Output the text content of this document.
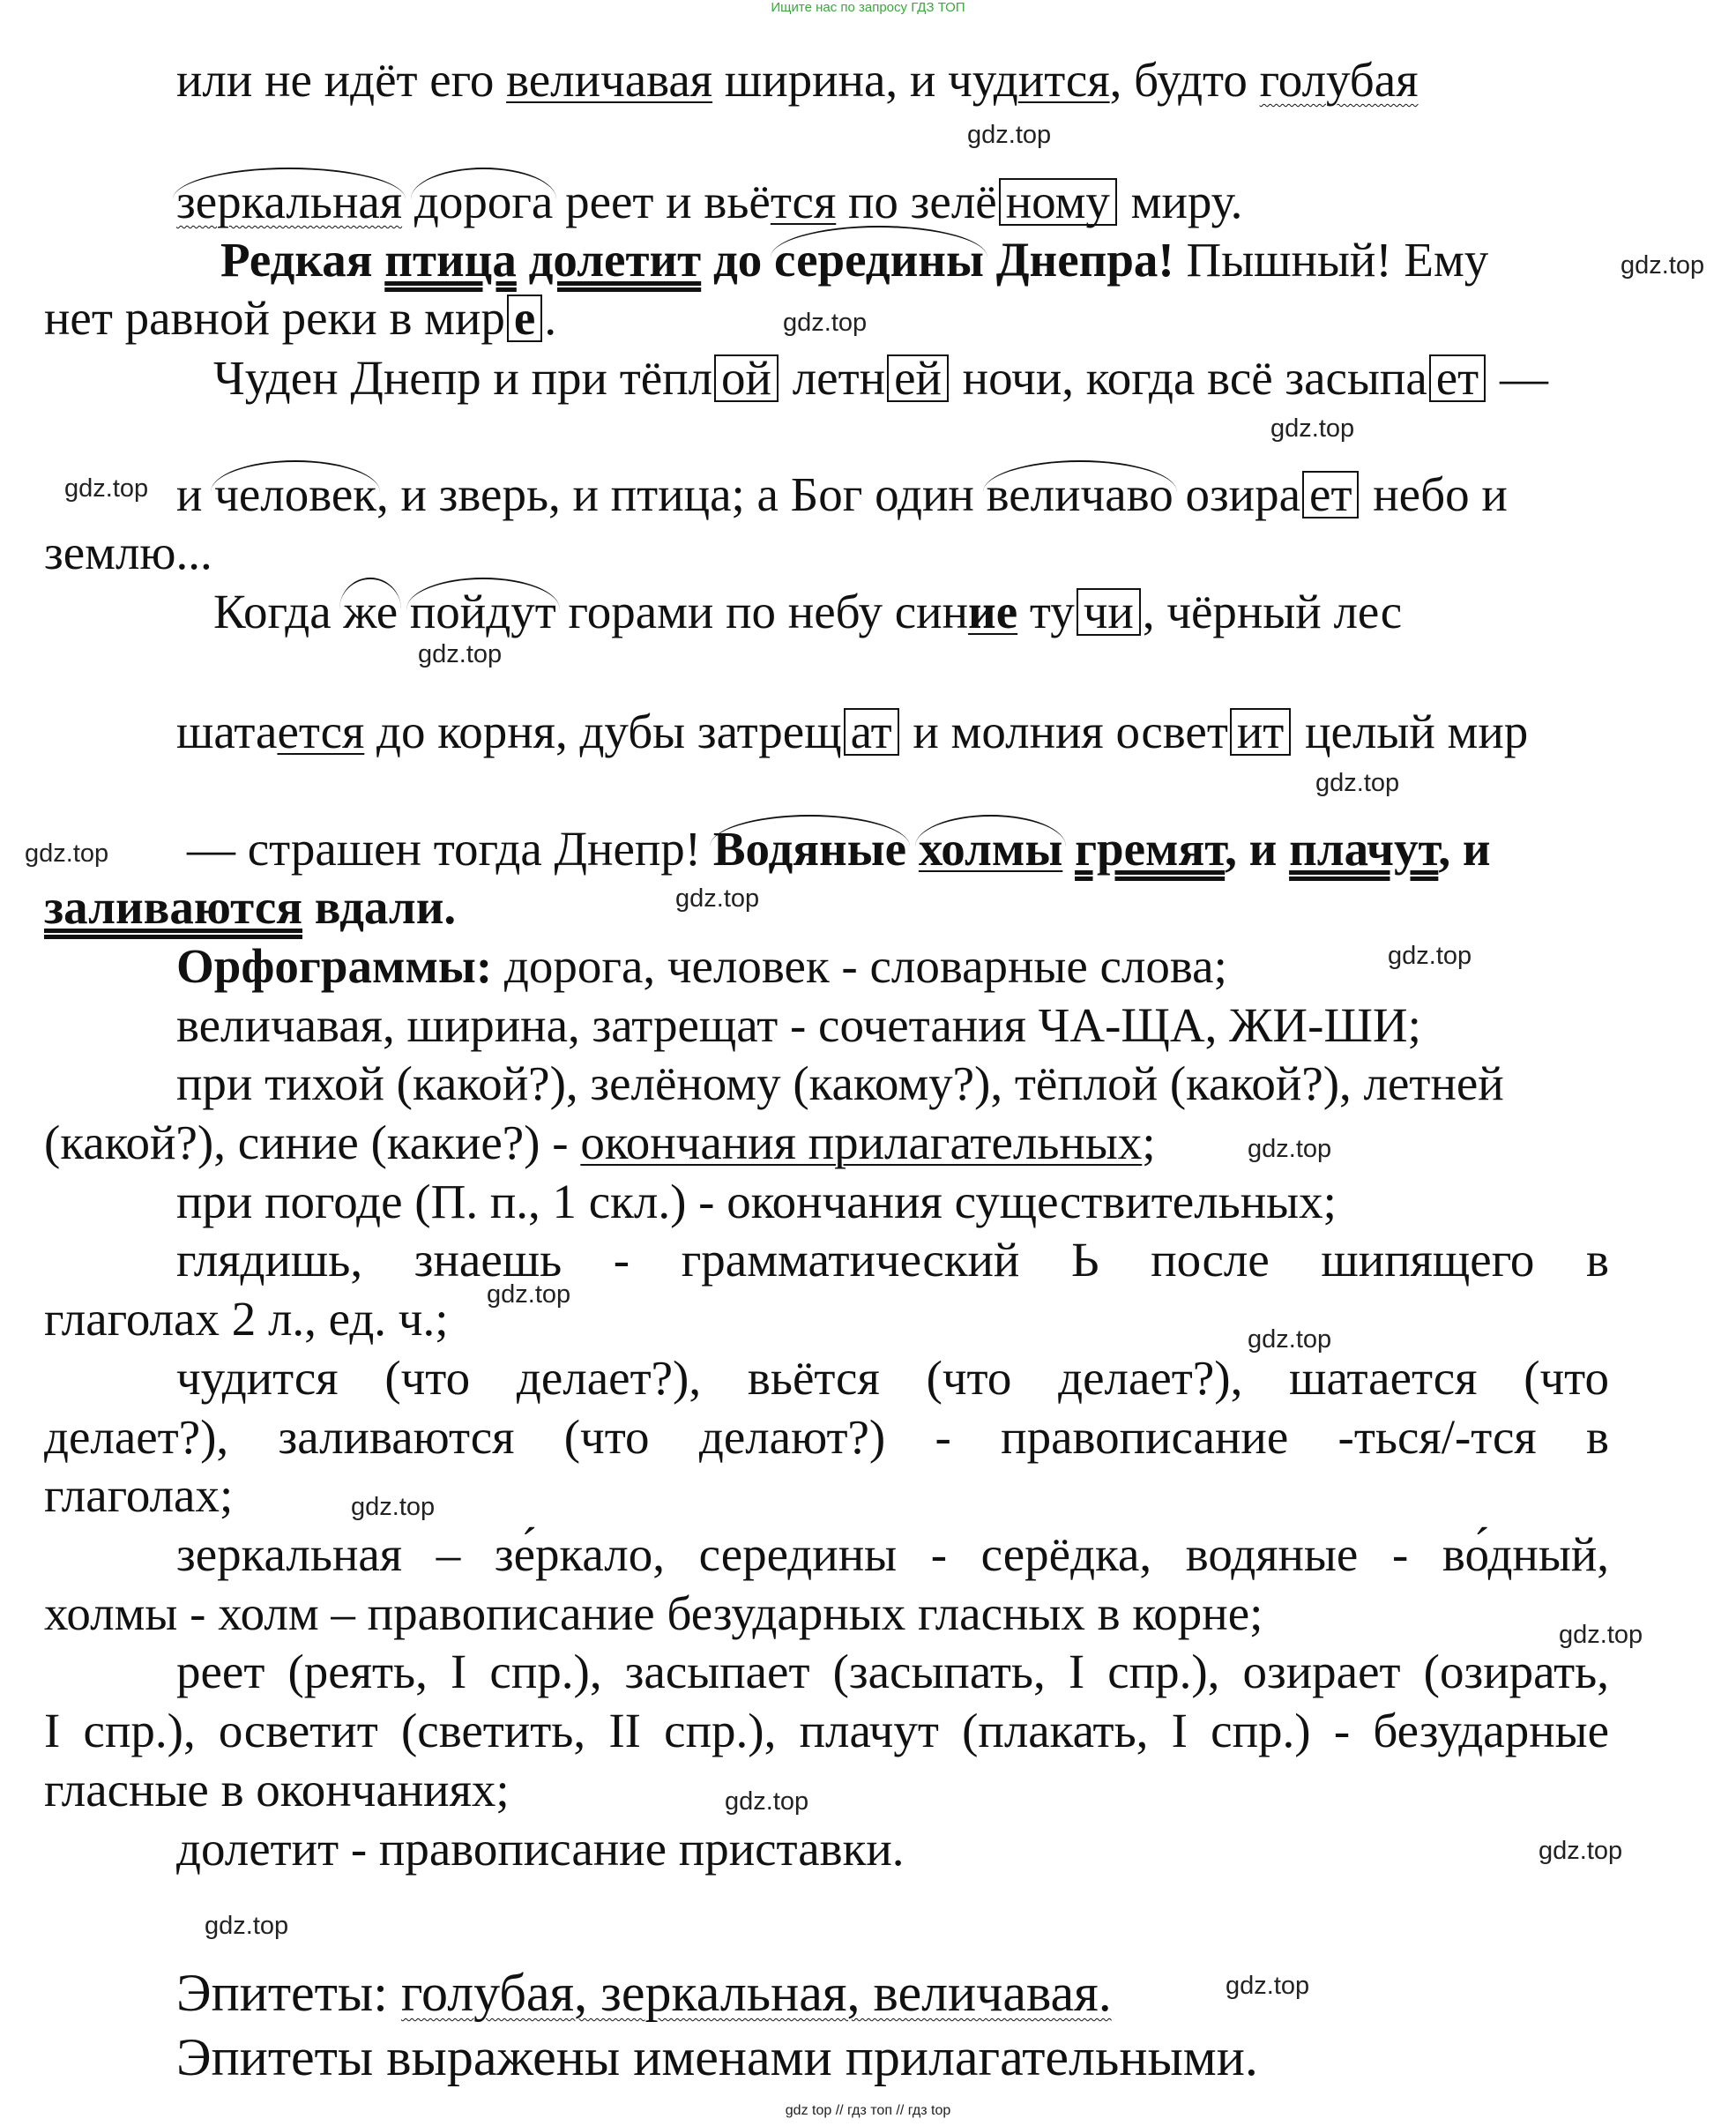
Ищите нас по запросу ГДЗ ТОП
или не идёт его величавая ширина, и чудится, будто голубая
gdz.top
зеркальная дорога реет и вьётся по зелё ному миру.
Редкая птица долетит до середины Днепра! Пышный! Ему	gdz.top
нет равной реки в мир е .	gdz.top
Чуден Днепр и при тёпл ой летн ей ночи, когда всё засыпа ет —
gdz.top
gdz.top и человек, и зверь, и птица; а Бог один величаво озира ет небо и
землю...
Когда же пойдут горами по небу синие ту чи , чёрный лес
gdz.top
шатается до корня, дубы затрещ ат и молния освет ит целый мир
gdz.top
gdz.top — страшен тогда Днепр! Водяные холмы гремят, и плачут, и
заливаются вдали.	gdz.top
Орфограммы: дорога, человек - словарные слова;	gdz.top
величавая, ширина, затрещат - сочетания ЧА-ЩА, ЖИ-ШИ;
при тихой (какой?), зелёному (какому?), тёплой (какой?), летней
(какой?), синие (какие?) - окончания прилагательных;	gdz.top
при погоде (П. п., 1 скл.) - окончания существительных;
глядишь, знаешь - грамматический Ь после шипящего в
глаголах 2 л., ед. ч.; gdz.top
gdz.top
чудится (что делает?), вьётся (что делает?), шатается (что
делает?), заливаются (что делают?) - правописание -ться/-тся в
глаголах;	gdz.top
зеркальная – зе́ркало, середины - серёдка, водяные - во́дный,
холмы - холм – правописание безударных гласных в корне;	gdz.top
реет (реять, I спр.), засыпает (засыпать, I спр.), озирает (озирать,
I спр.), осветит (светить, II спр.), плачут (плакать, I спр.) - безударные
гласные в окончаниях;	gdz.top
долетит - правописание приставки.	gdz.top
gdz.top
Эпитеты: голубая, зеркальная, величавая.	gdz.top
Эпитеты выражены именами прилагательными.
gdz top // гдз топ // гдз top
